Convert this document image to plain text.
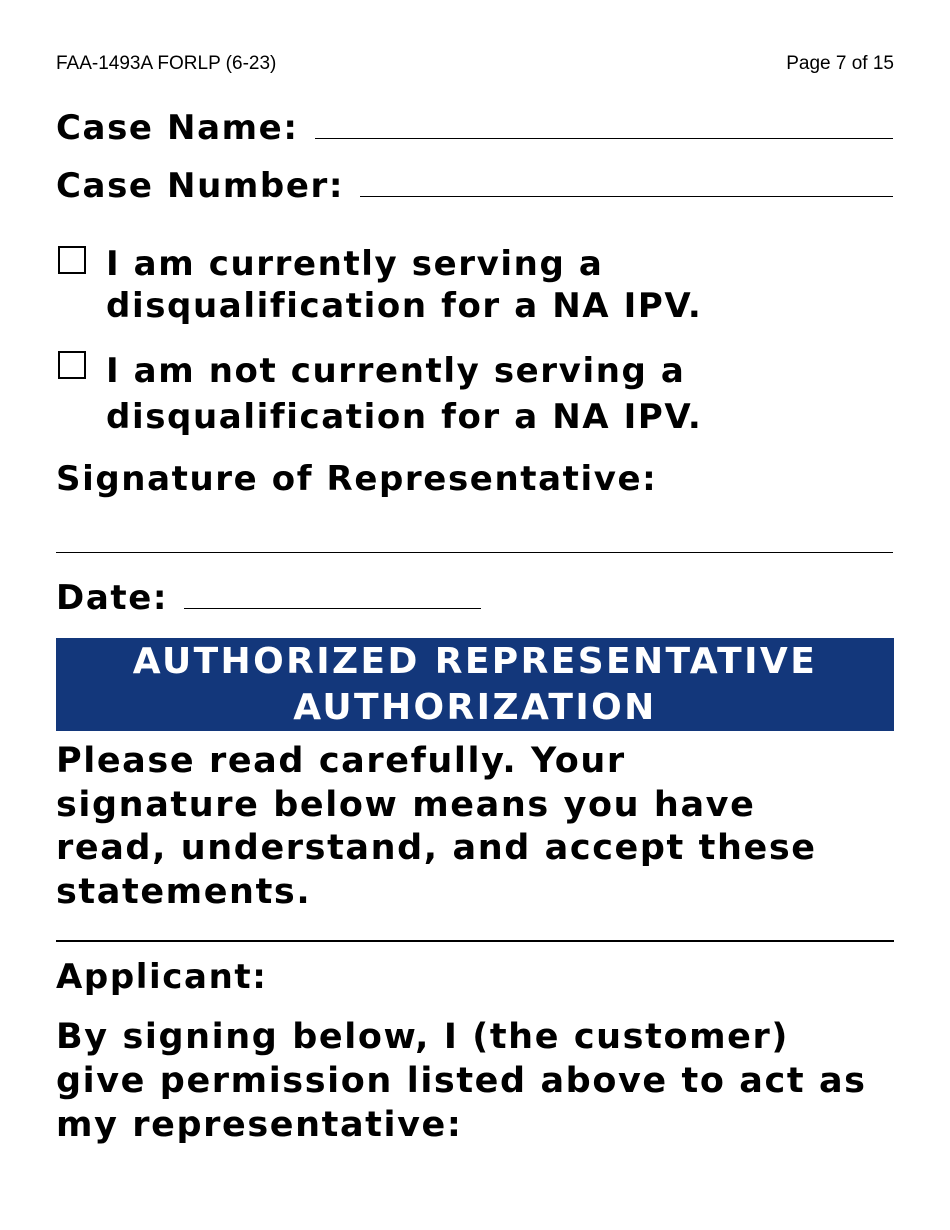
FAA-1493A FORLP (6-23)	Page 7 of 15
Case Name:
Case Number:
I am currently serving a
disqualification for a NA IPV.
I am not currently serving a
disqualification for a NA IPV.
Signature of Representative:
Date:
AUTHORIZED REPRESENTATIVE
AUTHORIZATION
Please read carefully. Your
signature below means you have
read, understand, and accept these
statements.
Applicant:
By signing below, I (the customer)
give permission listed above to act as
my representative:
